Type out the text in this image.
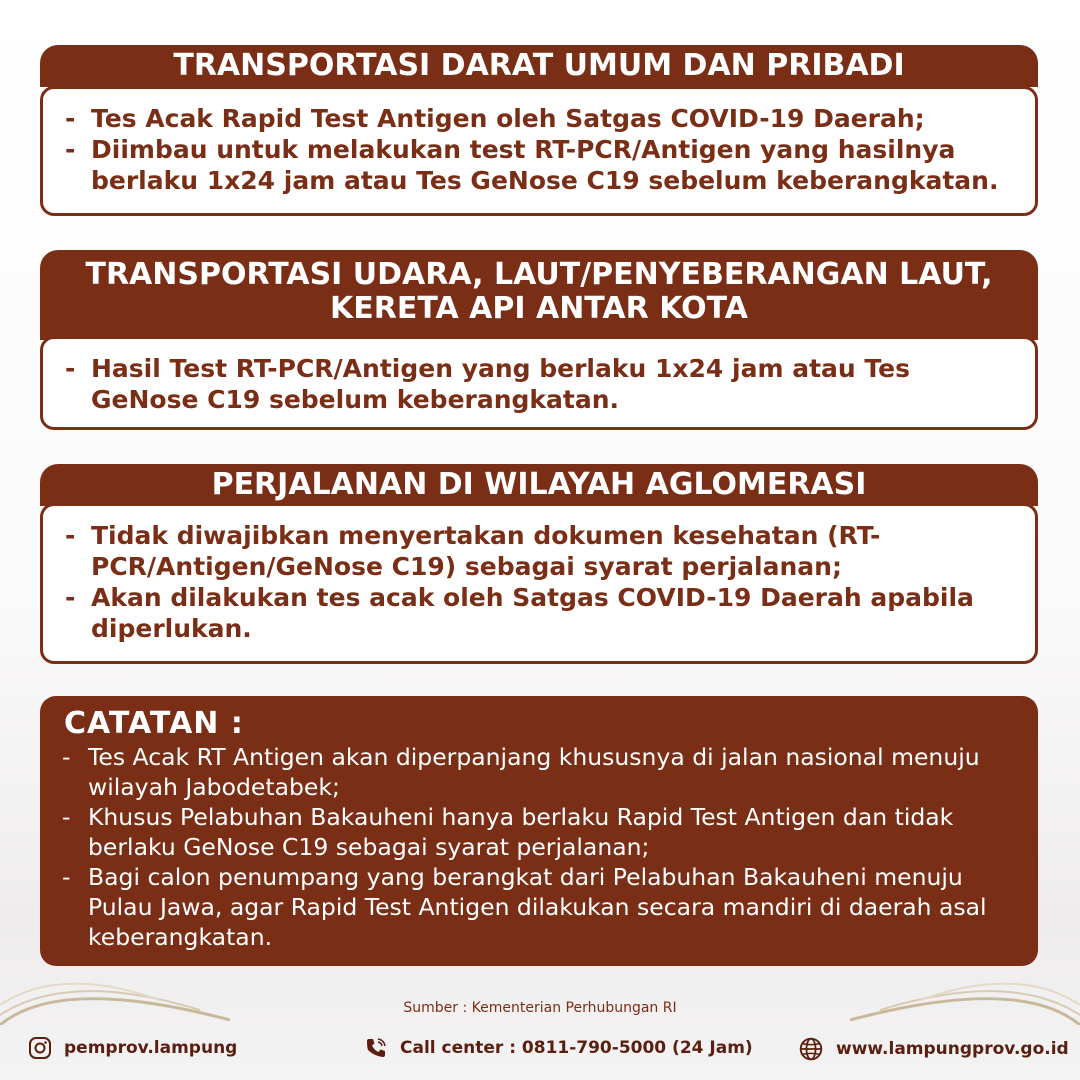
TRANSPORTASI DARAT UMUM DAN PRIBADI
- Tes Acak Rapid Test Antigen oleh Satgas COVID-19 Daerah;
- Diimbau untuk melakukan test RT-PCR/Antigen yang hasilnya berlaku 1x24 jam atau Tes GeNose C19 sebelum keberangkatan.
TRANSPORTASI UDARA, LAUT/PENYEBERANGAN LAUT,
KERETA API ANTAR KOTA
- Hasil Test RT-PCR/Antigen yang berlaku 1x24 jam atau Tes GeNose C19 sebelum keberangkatan.
PERJALANAN DI WILAYAH AGLOMERASI
- Tidak diwajibkan menyertakan dokumen kesehatan (RT-PCR/Antigen/GeNose C19) sebagai syarat perjalanan;
- Akan dilakukan tes acak oleh Satgas COVID-19 Daerah apabila diperlukan.
CATATAN :
- Tes Acak RT Antigen akan diperpanjang khususnya di jalan nasional menuju wilayah Jabodetabek;
- Khusus Pelabuhan Bakauheni hanya berlaku Rapid Test Antigen dan tidak berlaku GeNose C19 sebagai syarat perjalanan;
- Bagi calon penumpang yang berangkat dari Pelabuhan Bakauheni menuju Pulau Jawa, agar Rapid Test Antigen dilakukan secara mandiri di daerah asal keberangkatan.
Sumber : Kementerian Perhubungan RI
pemprov.lampung	Call center : 0811-790-5000 (24 Jam)	www.lampungprov.go.id
